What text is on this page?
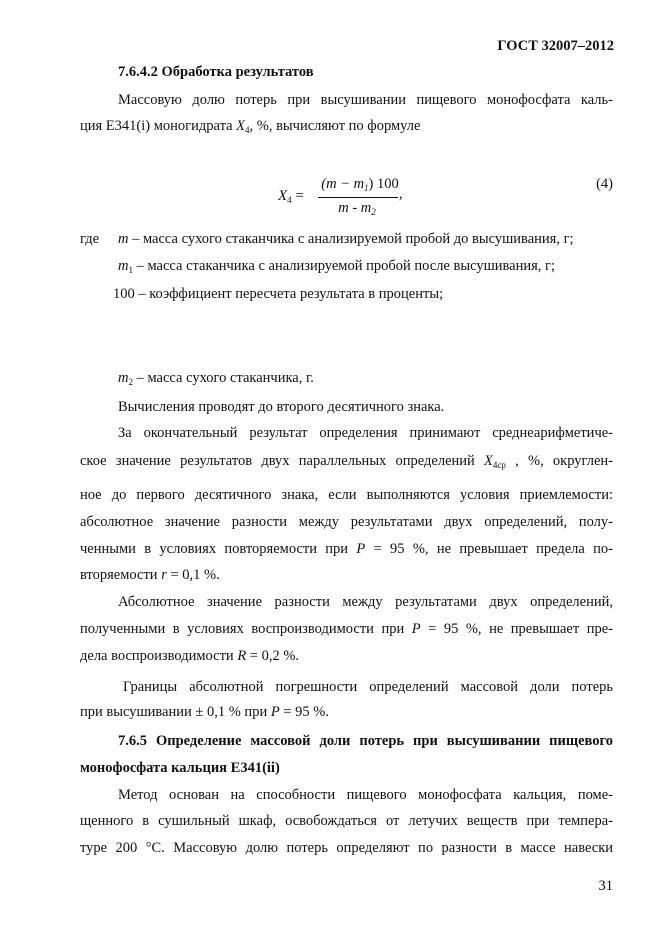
ГОСТ 32007–2012
7.6.4.2 Обработка результатов
Массовую долю потерь при высушивании пищевого монофосфата каль-
ция E341(i) моногидрата $X_4$, %, вычисляют по формуле
$X_4$ =
$(m - m_1)$ 100
m - $m_2$
,
(4)
где m – масса сухого стаканчика с анализируемой пробой до высушивания, г;
$m_1$ – масса стаканчика с анализируемой пробой после высушивания, г;
100 – коэффициент пересчета результата в проценты;
$m_2$ – масса сухого стаканчика, г.
Вычисления проводят до второго десятичного знака.
За окончательный результат определения принимают среднеарифметиче-
ское значение результатов двух параллельных определений $X_{4ср}$ , %, округлен-
ное до первого десятичного знака, если выполняются условия приемлемости:
абсолютное значение разности между результатами двух определений, полу-
ченными в условиях повторяемости при P = 95 %, не превышает предела по-
вторяемости r = 0,1 %.
Абсолютное значение разности между результатами двух определений,
полученными в условиях воспроизводимости при P = 95 %, не превышает пре-
дела воспроизводимости R = 0,2 %.
Границы абсолютной погрешности определений массовой доли потерь
при высушивании ± 0,1 % при P = 95 %.
7.6.5 Определение массовой доли потерь при высушивании пищевого
монофосфата кальция E341(ii)
Метод основан на способности пищевого монофосфата кальция, поме-
щенного в сушильный шкаф, освобождаться от летучих веществ при темпера-
туре 200 °С. Массовую долю потерь определяют по разности в массе навески
31
